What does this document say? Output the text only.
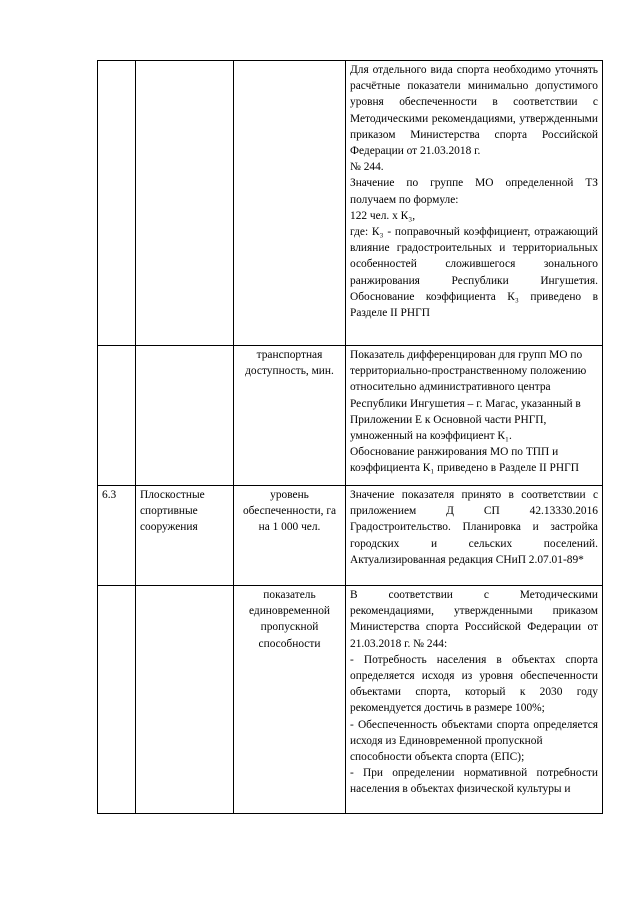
			Для отдельного вида спорта необходимо уточнять расчётные показатели минимально допустимого уровня обеспеченности в соответствии с Методическими рекомендациями, утвержденными приказом Министерства спорта Российской Федерации от 21.03.2018 г.
№ 244.
Значение по группе МО определенной ТЗ получаем по формуле:
122 чел. х К₃,
где: К₃ - поправочный коэффициент, отражающий влияние градостроительных и территориальных особенностей сложившегося зонального ранжирования Республики Ингушетия. Обоснование коэффициента К₃ приведено в Разделе II РНГП

		транспортная доступность, мин.	Показатель дифференцирован для групп МО по территориально-пространственному положению относительно административного центра Республики Ингушетия – г. Магас, указанный в Приложении Е к Основной части РНГП, умноженный на коэффициент К₁.
Обоснование ранжирования МО по ТПП и коэффициента К₁ приведено в Разделе II РНГП

6.3	Плоскостные спортивные сооружения	уровень обеспеченности, га на 1 000 чел.	Значение показателя принято в соответствии с приложением Д СП 42.13330.2016 Градостроительство. Планировка и застройка городских и сельских поселений. Актуализированная редакция СНиП 2.07.01-89*

		показатель единовременной пропускной способности	В соответствии с Методическими рекомендациями, утвержденными приказом Министерства спорта Российской Федерации от 21.03.2018 г. № 244:
- Потребность населения в объектах спорта определяется исходя из уровня обеспеченности объектами спорта, который к 2030 году рекомендуется достичь в размере 100%;
- Обеспеченность объектами спорта определяется исходя из Единовременной пропускной
способности объекта спорта (ЕПС);
- При определении нормативной потребности населения в объектах физической культуры и
